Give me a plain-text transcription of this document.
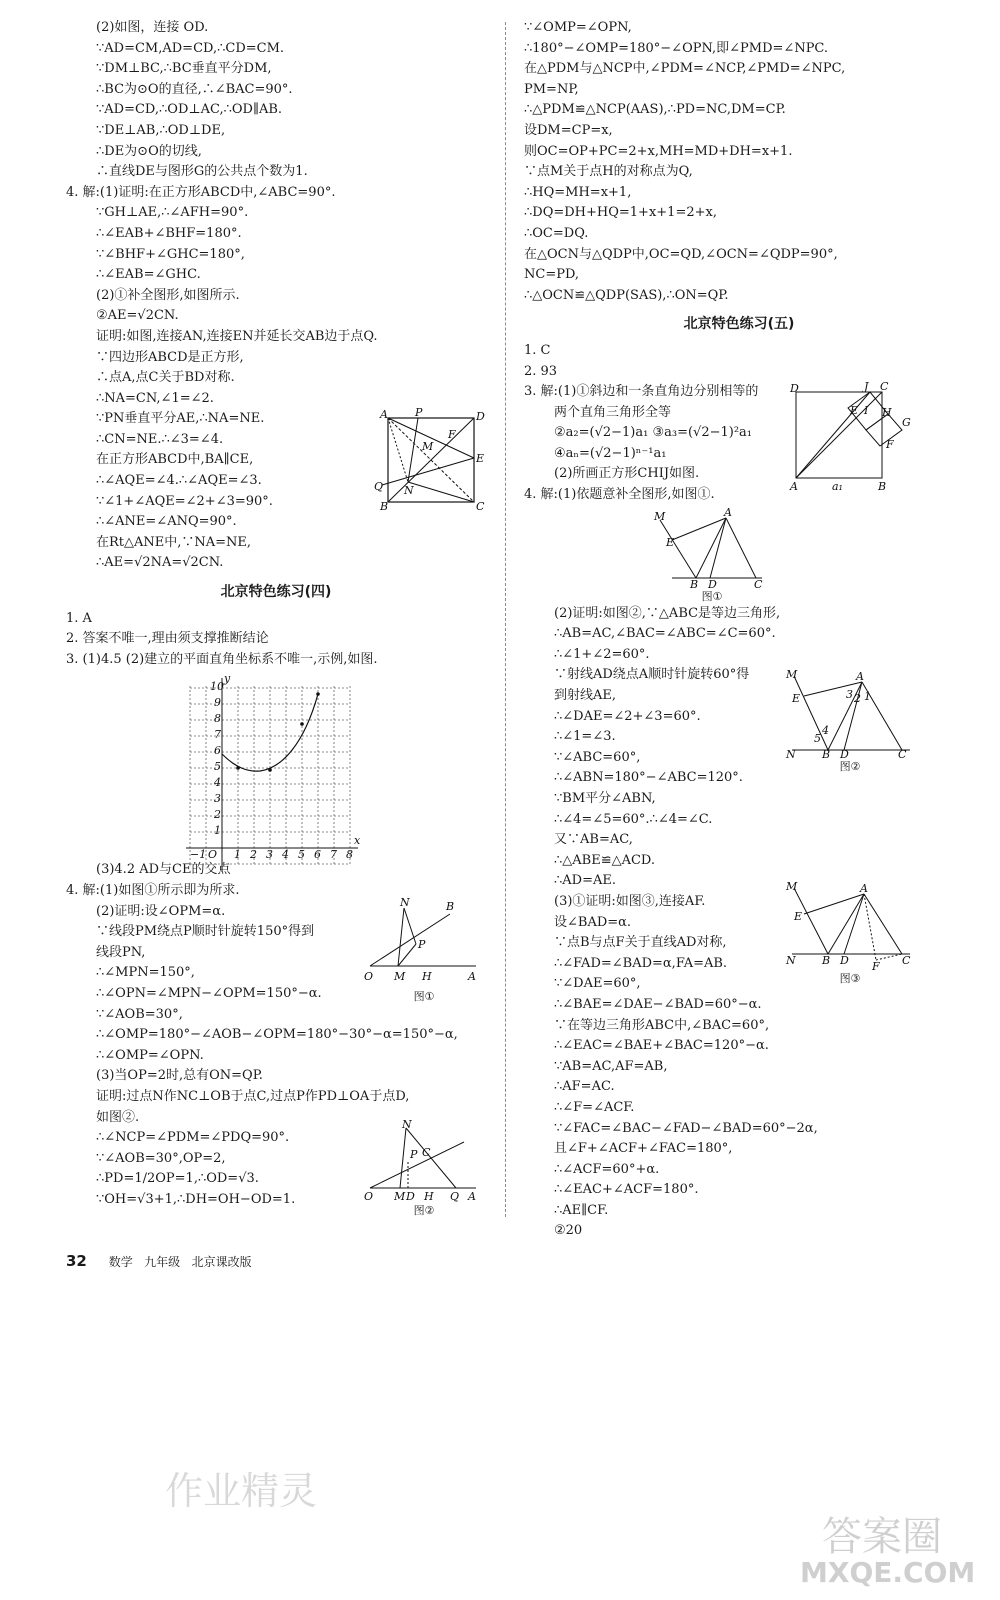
(2)如图，连接 OD.
∵AD=CM,AD=CD,∴CD=CM.
∵DM⊥BC,∴BC垂直平分DM,
∴BC为⊙O的直径,∴∠BAC=90°.
∵AD=CD,∴OD⊥AC,∴OD∥AB.
∵DE⊥AB,∴OD⊥DE,
∴DE为⊙O的切线,
∴直线DE与图形G的公共点个数为1.
4. 解:(1)证明:在正方形ABCD中,∠ABC=90°.
∵GH⊥AE,∴∠AFH=90°.
∴∠EAB+∠BHF=180°.
∵∠BHF+∠GHC=180°,
∴∠EAB=∠GHC.
(2)①补全图形,如图所示.
②AE=√2CN.
证明:如图,连接AN,连接EN并延长交AB边于点Q.
∵四边形ABCD是正方形,
∴点A,点C关于BD对称.
∴NA=CN,∠1=∠2.
∵PN垂直平分AE,∴NA=NE.
∴CN=NE.∴∠3=∠4.
在正方形ABCD中,BA∥CE,
∴∠AQE=∠4.∴∠AQE=∠3.
∵∠1+∠AQE=∠2+∠3=90°.
∴∠ANE=∠ANQ=90°.
在Rt△ANE中,∵NA=NE,
∴AE=√2NA=√2CN.
北京特色练习(四)
1. A
2. 答案不唯一,理由须支撑推断结论
3. (1)4.5 (2)建立的平面直角坐标系不唯一,示例,如图.
(3)4.2 AD与CE的交点
4. 解:(1)如图①所示即为所求.
(2)证明:设∠OPM=α.
∵线段PM绕点P顺时针旋转150°得到
线段PN,
∴∠MPN=150°,
∴∠OPN=∠MPN−∠OPM=150°−α.
∵∠AOB=30°,
∴∠OMP=180°−∠AOB−∠OPM=180°−30°−α=150°−α,
∴∠OMP=∠OPN.
(3)当OP=2时,总有ON=QP.
证明:过点N作NC⊥OB于点C,过点P作PD⊥OA于点D,
如图②.
∴∠NCP=∠PDM=∠PDQ=90°.
∵∠AOB=30°,OP=2,
∴PD=1/2OP=1,∴OD=√3.
∵OH=√3+1,∴DH=OH−OD=1.
∵∠OMP=∠OPN,
∴180°−∠OMP=180°−∠OPN,即∠PMD=∠NPC.
在△PDM与△NCP中,∠PDM=∠NCP,∠PMD=∠NPC,
PM=NP,
∴△PDM≌△NCP(AAS),∴PD=NC,DM=CP.
设DM=CP=x,
则OC=OP+PC=2+x,MH=MD+DH=x+1.
∵点M关于点H的对称点为Q,
∴HQ=MH=x+1,
∴DQ=DH+HQ=1+x+1=2+x,
∴OC=DQ.
在△OCN与△QDP中,OC=QD,∠OCN=∠QDP=90°,
NC=PD,
∴△OCN≌△QDP(SAS),∴ON=QP.
北京特色练习(五)
1. C
2. 93
3. 解:(1)①斜边和一条直角边分别相等的
两个直角三角形全等
②a₂=(√2−1)a₁ ③a₃=(√2−1)²a₁
④aₙ=(√2−1)ⁿ⁻¹a₁
(2)所画正方形CHIJ如图.
4. 解:(1)依题意补全图形,如图①.
(2)证明:如图②,∵△ABC是等边三角形,
∴AB=AC,∠BAC=∠ABC=∠C=60°.
∴∠1+∠2=60°.
∵射线AD绕点A顺时针旋转60°得
到射线AE,
∴∠DAE=∠2+∠3=60°.
∴∠1=∠3.
∵∠ABC=60°,
∴∠ABN=180°−∠ABC=120°.
∵BM平分∠ABN,
∴∠4=∠5=60°.∴∠4=∠C.
又∵AB=AC,
∴△ABE≌△ACD.
∴AD=AE.
(3)①证明:如图③,连接AF.
设∠BAD=α.
∵点B与点F关于直线AD对称,
∴∠FAD=∠BAD=α,FA=AB.
∵∠DAE=60°,
∴∠BAE=∠DAE−∠BAD=60°−α.
∵在等边三角形ABC中,∠BAC=60°,
∴∠EAC=∠BAE+∠BAC=120°−α.
∵AB=AC,AF=AB,
∴AF=AC.
∴∠F=∠ACF.
∵∠FAC=∠BAC−∠FAD−∠BAD=60°−2α,
且∠F+∠ACF+∠FAC=180°,
∴∠ACF=60°+α.
∴∠EAC+∠ACF=180°.
∴AE∥CF.
②20
A P	D
E
Q N
B	C
F
M
y
x
O
10
9
8
7
6
5
4
3
2
1
−1	1 2 3 4 5 6 7 8
O M H	A
N	B
P
图①
O M D H Q A
N
P C
图②
D	J C
E I H
G
F
A	B
a₁
M
E
A
B D	C
图①
M
E
A
3 2 1
4
5
N B D	C
图②
M
E
A
N B D F C
图③
32 数学 九年级 北京课改版
作业精灵
答案圈
MXQE.COM
